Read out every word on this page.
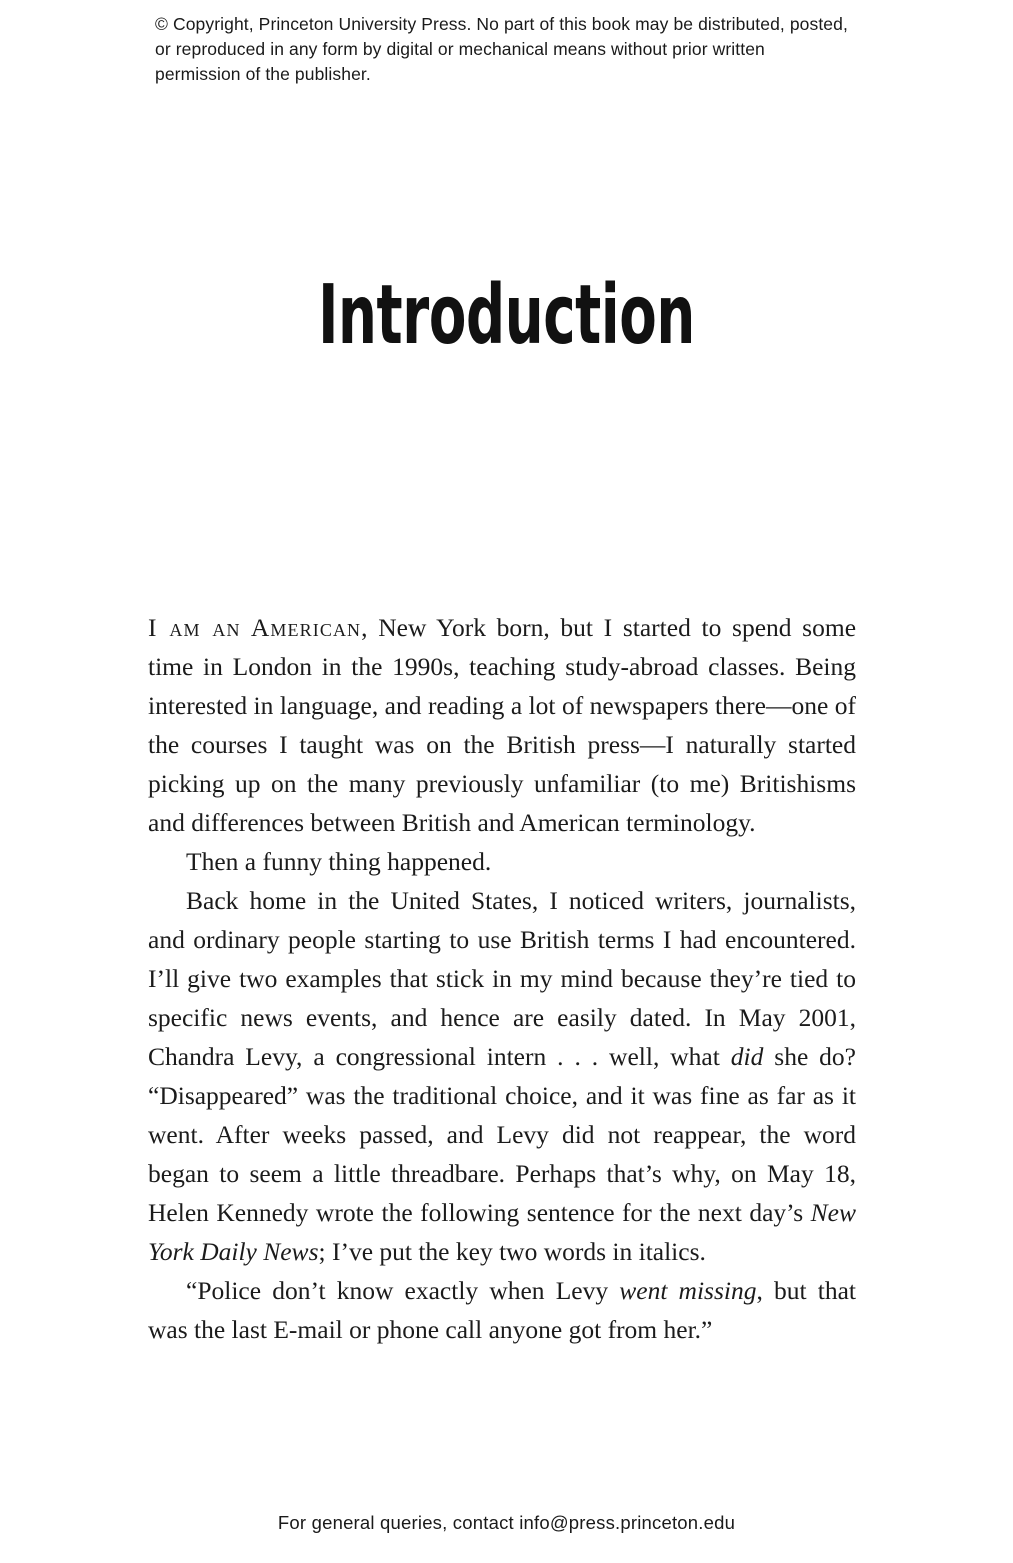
© Copyright, Princeton University Press. No part of this book may be distributed, posted, or reproduced in any form by digital or mechanical means without prior written permission of the publisher.
Introduction

I am an American, New York born, but I started to spend some time in London in the 1990s, teaching study-abroad classes. Being interested in language, and reading a lot of newspapers there—one of the courses I taught was on the British press—I naturally started picking up on the many previously unfamiliar (to me) Britishisms and differences between British and American terminology.

Then a funny thing happened.

Back home in the United States, I noticed writers, journalists, and ordinary people starting to use British terms I had encountered. I’ll give two examples that stick in my mind because they’re tied to specific news events, and hence are easily dated. In May 2001, Chandra Levy, a congressional intern . . . well, what did she do? “Disappeared” was the traditional choice, and it was fine as far as it went. After weeks passed, and Levy did not reappear, the word began to seem a little threadbare. Perhaps that’s why, on May 18, Helen Kennedy wrote the following sentence for the next day’s New York Daily News; I’ve put the key two words in italics.

“Police don’t know exactly when Levy went missing, but that was the last E-mail or phone call anyone got from her.”

For general queries, contact info@press.princeton.edu
